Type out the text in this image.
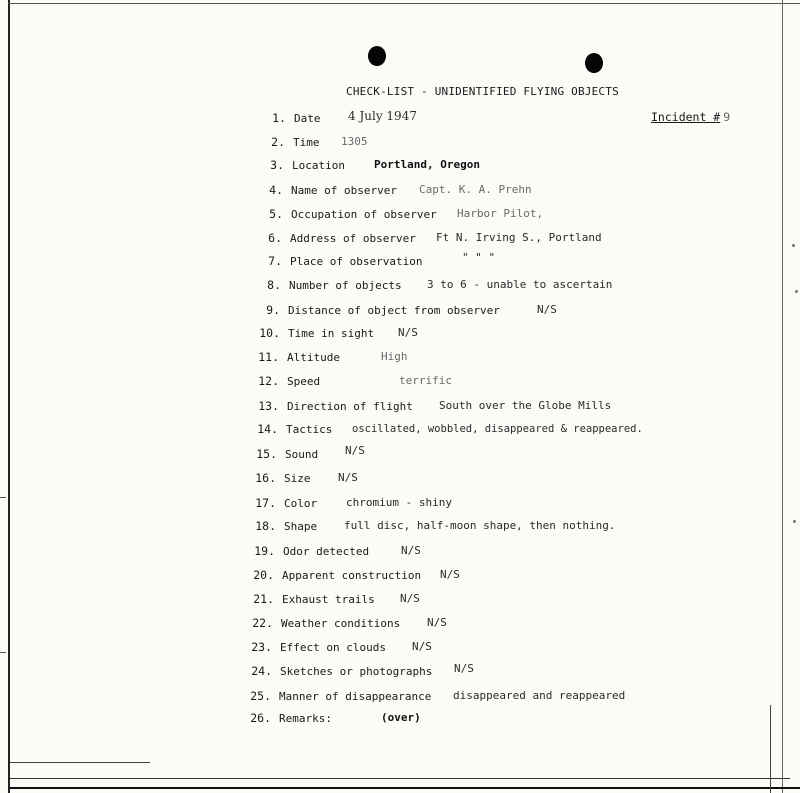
CHECK-LIST - UNIDENTIFIED FLYING OBJECTS
Incident # 9
1. Date 4 July 1947
2. Time 1305
3. Location	Portland, Oregon
4. Name of observer Capt. K. A. Prehn
5. Occupation of observer Harbor Pilot,
6. Address of observer Ft N. Irving S., Portland
7. Place of observation	" " "
8. Number of objects 3 to 6 - unable to ascertain
9. Distance of object from observer	N/S
10. Time in sight N/S
11. Altitude	High
12. Speed	terrific
13. Direction of flight South over the Globe Mills
14. Tactics oscillated, wobbled, disappeared & reappeared.
15. Sound N/S
16. Size	N/S
17. Color	chromium - shiny
18. Shape full disc, half-moon shape, then nothing.
19. Odor detected	N/S
20. Apparent construction N/S
21. Exhaust trails N/S
22. Weather conditions N/S
23. Effect on clouds N/S
24. Sketches or photographs N/S
25. Manner of disappearance disappeared and reappeared
26. Remarks:	(over)
